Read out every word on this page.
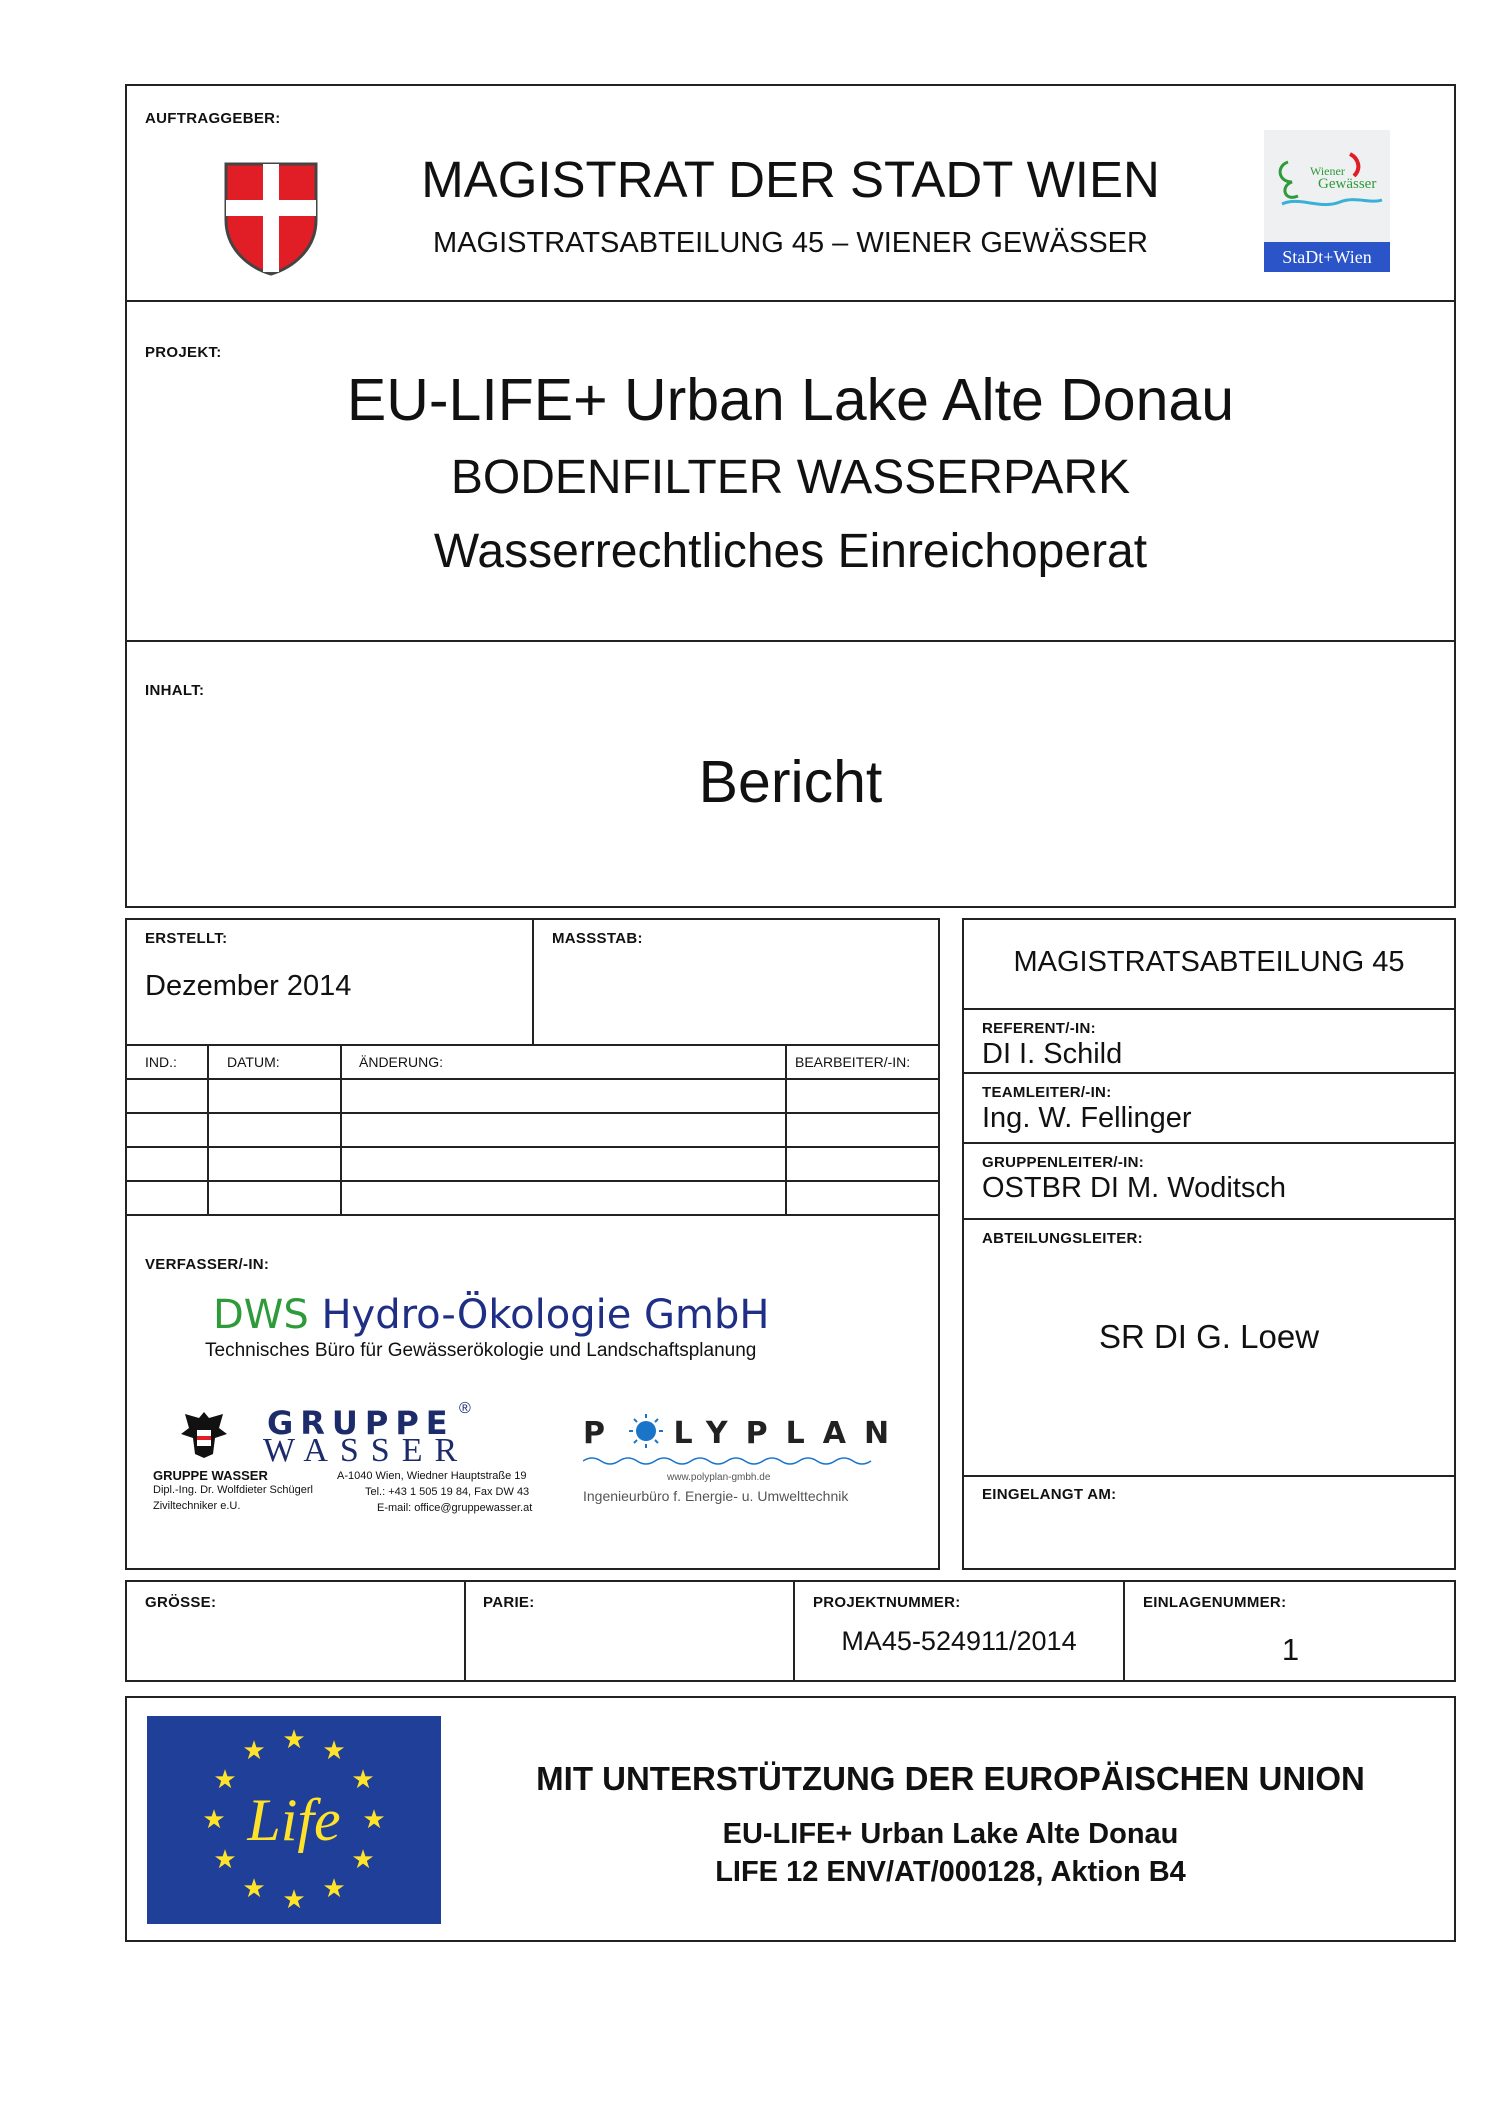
AUFTRAGGEBER:
MAGISTRAT DER STADT WIEN
MAGISTRATSABTEILUNG 45 – WIENER GEWÄSSER
Wiener
Gewässer
StaDt+Wien
PROJEKT:
EU-LIFE+ Urban Lake Alte Donau
BODENFILTER WASSERPARK
Wasserrechtliches Einreichoperat
INHALT:
Bericht
ERSTELLT:
Dezember 2014
MASSSTAB:
IND.:	DATUM:	ÄNDERUNG:	BEARBEITER/-IN:
VERFASSER/-IN:
DWS Hydro-Ökologie GmbH
Technisches Büro für Gewässerökologie und Landschaftsplanung
GRUPPE ®
WASSER
GRUPPE WASSER
Dipl.-Ing. Dr. Wolfdieter Schügerl
Ziviltechniker e.U.
A-1040 Wien, Wiedner Hauptstraße 19
Tel.: +43 1 505 19 84, Fax DW 43
E-mail: office@gruppewasser.at
P LYPLAN
www.polyplan-gmbh.de
Ingenieurbüro f. Energie- u. Umwelttechnik
MAGISTRATSABTEILUNG 45
REFERENT/-IN:
DI I. Schild
TEAMLEITER/-IN:
Ing. W. Fellinger
GRUPPENLEITER/-IN:
OSTBR DI M. Woditsch
ABTEILUNGSLEITER:
SR DI G. Loew
EINGELANGT AM:
GRÖSSE:	PARIE:	PROJEKTNUMMER:
MA45-524911/2014
EINLAGENUMMER:
1
★ ★
★
★
★
★
★
★
★
★
★
★
Life
MIT UNTERSTÜTZUNG DER EUROPÄISCHEN UNION
EU-LIFE+ Urban Lake Alte Donau
LIFE 12 ENV/AT/000128, Aktion B4
